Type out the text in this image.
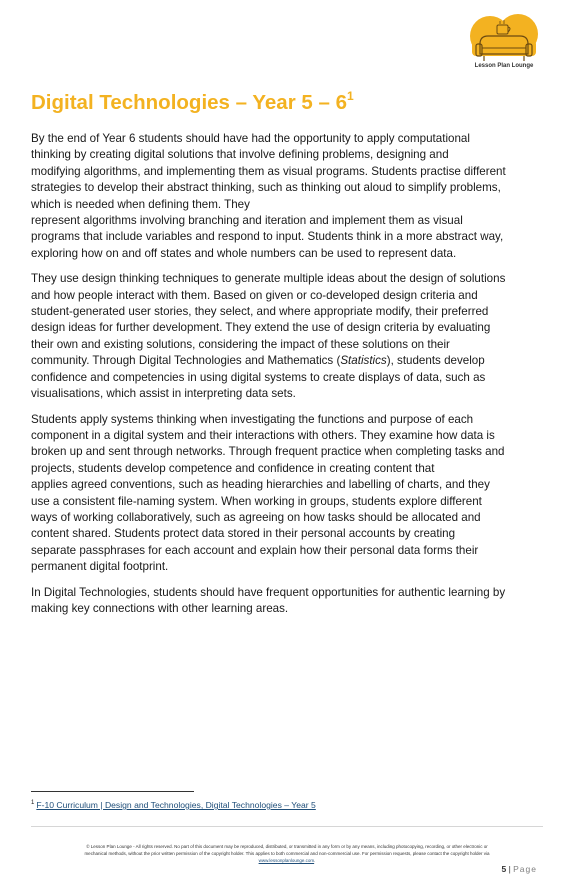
Lesson Plan Lounge
Digital Technologies – Year $5 - 6^1$

By the end of Year 6 students should have had the opportunity to apply computational
thinking by creating digital solutions that involve defining problems, designing and
modifying algorithms, and implementing them as visual programs. Students practise different
strategies to develop their abstract thinking, such as thinking out aloud to simplify problems,
which is needed when defining them. They
represent algorithms involving branching and iteration and implement them as visual
programs that include variables and respond to input. Students think in a more abstract way,
exploring how on and off states and whole numbers can be used to represent data.

They use design thinking techniques to generate multiple ideas about the design of solutions
and how people interact with them. Based on given or co-developed design criteria and
student-generated user stories, they select, and where appropriate modify, their preferred
design ideas for further development. They extend the use of design criteria by evaluating
their own and existing solutions, considering the impact of these solutions on their
community. Through Digital Technologies and Mathematics (Statistics), students develop
confidence and competencies in using digital systems to create displays of data, such as
visualisations, which assist in interpreting data sets.

Students apply systems thinking when investigating the functions and purpose of each
component in a digital system and their interactions with others. They examine how data is
broken up and sent through networks. Through frequent practice when completing tasks and
projects, students develop competence and confidence in creating content that
applies agreed conventions, such as heading hierarchies and labelling of charts, and they
use a consistent file-naming system. When working in groups, students explore different
ways of working collaboratively, such as agreeing on how tasks should be allocated and
content shared. Students protect data stored in their personal accounts by creating
separate passphrases for each account and explain how their personal data forms their
permanent digital footprint.

In Digital Technologies, students should have frequent opportunities for authentic learning by
making key connections with other learning areas.

$^1$ F-10 Curriculum | Design and Technologies, Digital Technologies – Year 5
© Lesson Plan Lounge - All rights reserved. No part of this document may be reproduced, distributed, or transmitted in any form or by any means, including photocopying, recording, or other electronic or
mechanical methods, without the prior written permission of the copyright holder. This applies to both commercial and non-commercial use. For permission requests, please contact the copyright holder via
www.lessonplanlounge.com.
5 | Page
